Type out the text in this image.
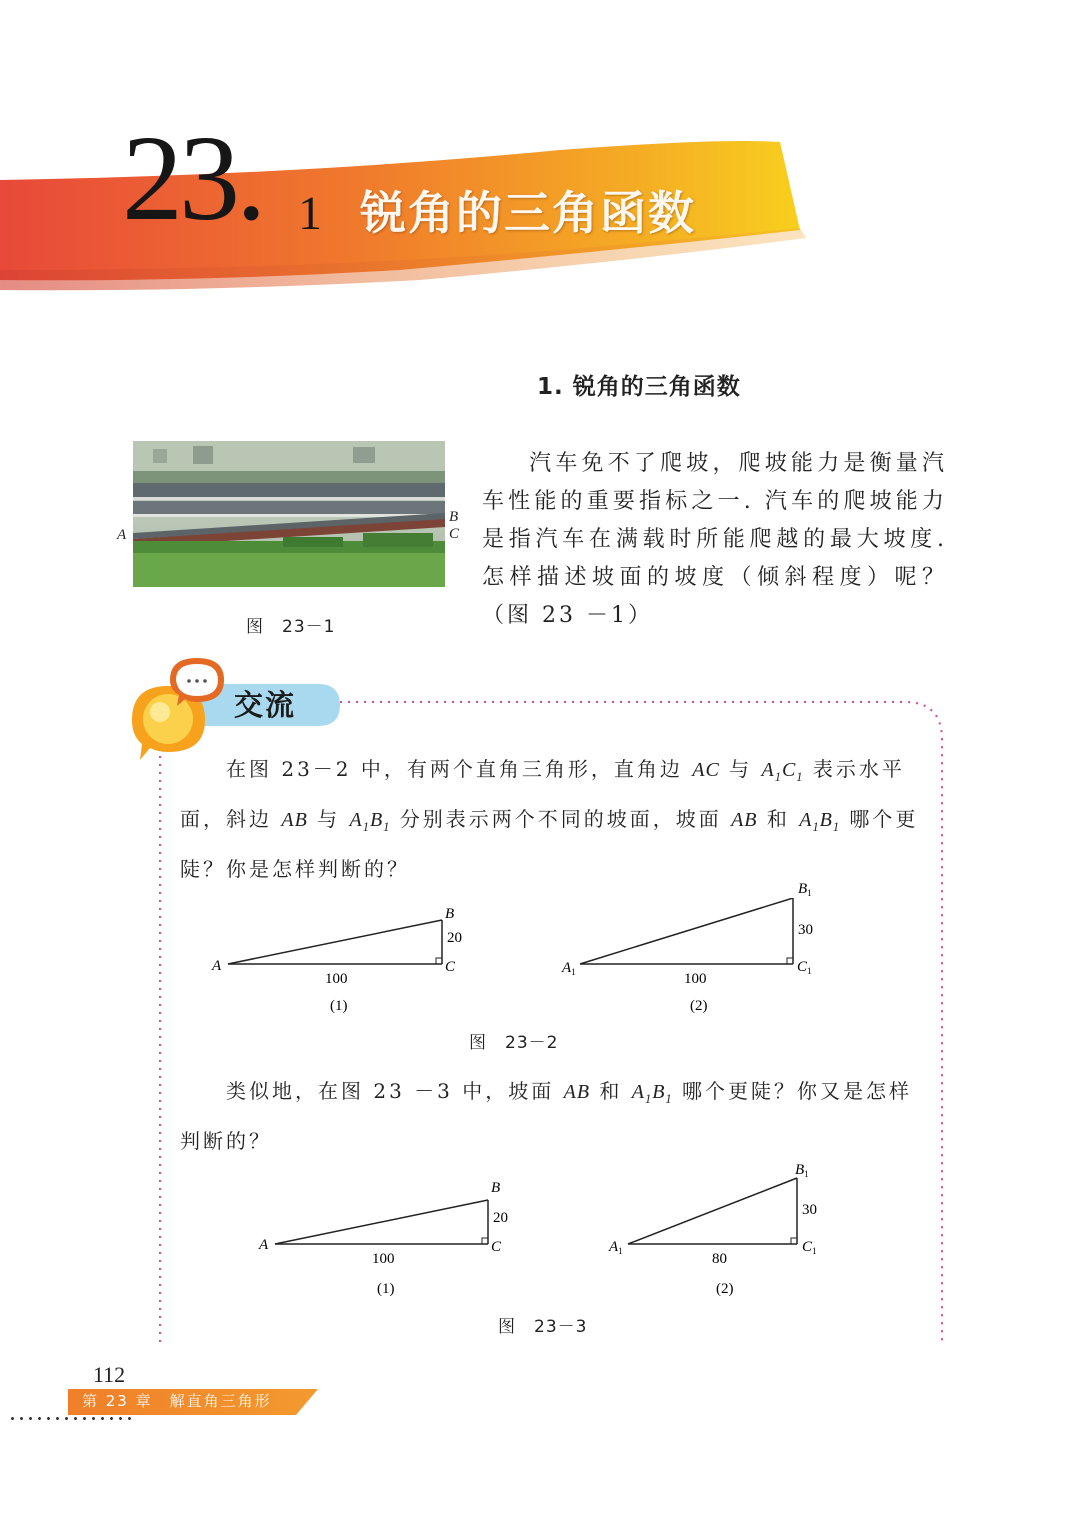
23. 1 锐角的三角函数
1. 锐角的三角函数
A
B
C
图　23－1
汽车免不了爬坡，爬坡能力是衡量汽车性能的重要指标之一. 汽车的爬坡能力是指汽车在满载时所能爬越的最大坡度. 怎样描述坡面的坡度（倾斜程度）呢？（图 23 －1）
交流
在图 23－2 中，有两个直角三角形，直角边 AC 与 $A_1C_1$ 表示水平面，斜边 AB 与 $A_1B_1$ 分别表示两个不同的坡面，坡面 AB 和 $A_1B_1$ 哪个更陡？你是怎样判断的？
A
B
C
100
20
(1)
$A_1$	$C_1$
100
30
(2)
$B_1$
图　23－2
类似地，在图 23 －3 中，坡面 AB 和 $A_1B_1$ 哪个更陡？你又是怎样判断的？
A
B
C
100
20
(1)
$A_1$
$B_1$
$C_1$
80
30
(2)
图　23－3
112
第 23 章　解直角三角形
